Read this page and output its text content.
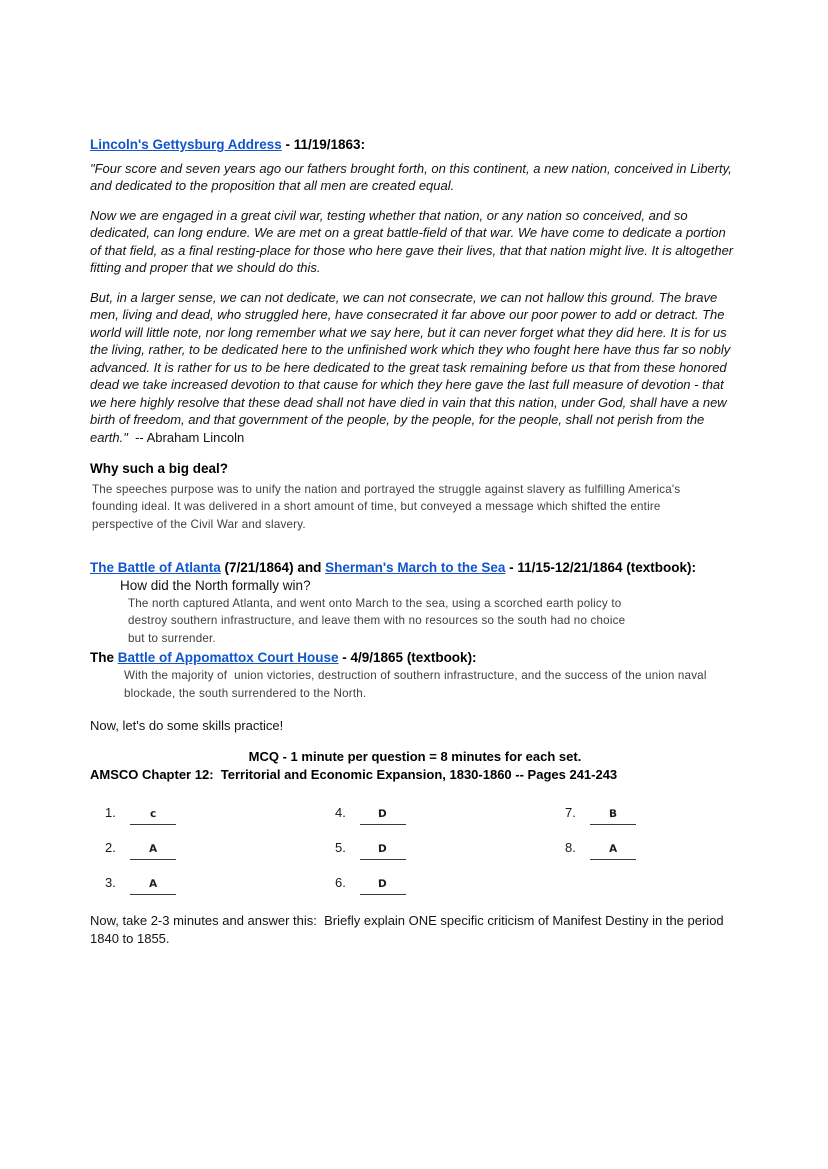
Lincoln's Gettysburg Address - 11/19/1863:

"Four score and seven years ago our fathers brought forth, on this continent, a new nation, conceived in Liberty, and dedicated to the proposition that all men are created equal.

Now we are engaged in a great civil war, testing whether that nation, or any nation so conceived, and so dedicated, can long endure. We are met on a great battle-field of that war. We have come to dedicate a portion of that field, as a final resting-place for those who here gave their lives, that that nation might live. It is altogether fitting and proper that we should do this.

But, in a larger sense, we can not dedicate, we can not consecrate, we can not hallow this ground. The brave men, living and dead, who struggled here, have consecrated it far above our poor power to add or detract. The world will little note, nor long remember what we say here, but it can never forget what they did here. It is for us the living, rather, to be dedicated here to the unfinished work which they who fought here have thus far so nobly advanced. It is rather for us to be here dedicated to the great task remaining before us that from these honored dead we take increased devotion to that cause for which they here gave the last full measure of devotion - that we here highly resolve that these dead shall not have died in vain that this nation, under God, shall have a new birth of freedom, and that government of the people, by the people, for the people, shall not perish from the earth."  -- Abraham Lincoln

Why such a big deal?

The speeches purpose was to unify the nation and portrayed the struggle against slavery as fulfilling America's founding ideal. It was delivered in a short amount of time, but conveyed a message which shifted the entire perspective of the Civil War and slavery.

The Battle of Atlanta (7/21/1864) and Sherman's March to the Sea - 11/15-12/21/1864 (textbook):

How did the North formally win?

The north captured Atlanta, and went onto March to the sea, using a scorched earth policy to destroy southern infrastructure, and leave them with no resources so the south had no choice but to surrender.

The Battle of Appomattox Court House - 4/9/1865 (textbook):

With the majority of  union victories, destruction of southern infrastructure, and the success of the union naval blockade, the south surrendered to the North.

Now, let's do some skills practice!

MCQ - 1 minute per question = 8 minutes for each set.

AMSCO Chapter 12:  Territorial and Economic Expansion, 1830-1860 -- Pages 241-243

1.	c
2.	A
3.	A
4.	D
5.	D
6.	D
7.	B
8.	A

Now, take 2-3 minutes and answer this:  Briefly explain ONE specific criticism of Manifest Destiny in the period 1840 to 1855.
